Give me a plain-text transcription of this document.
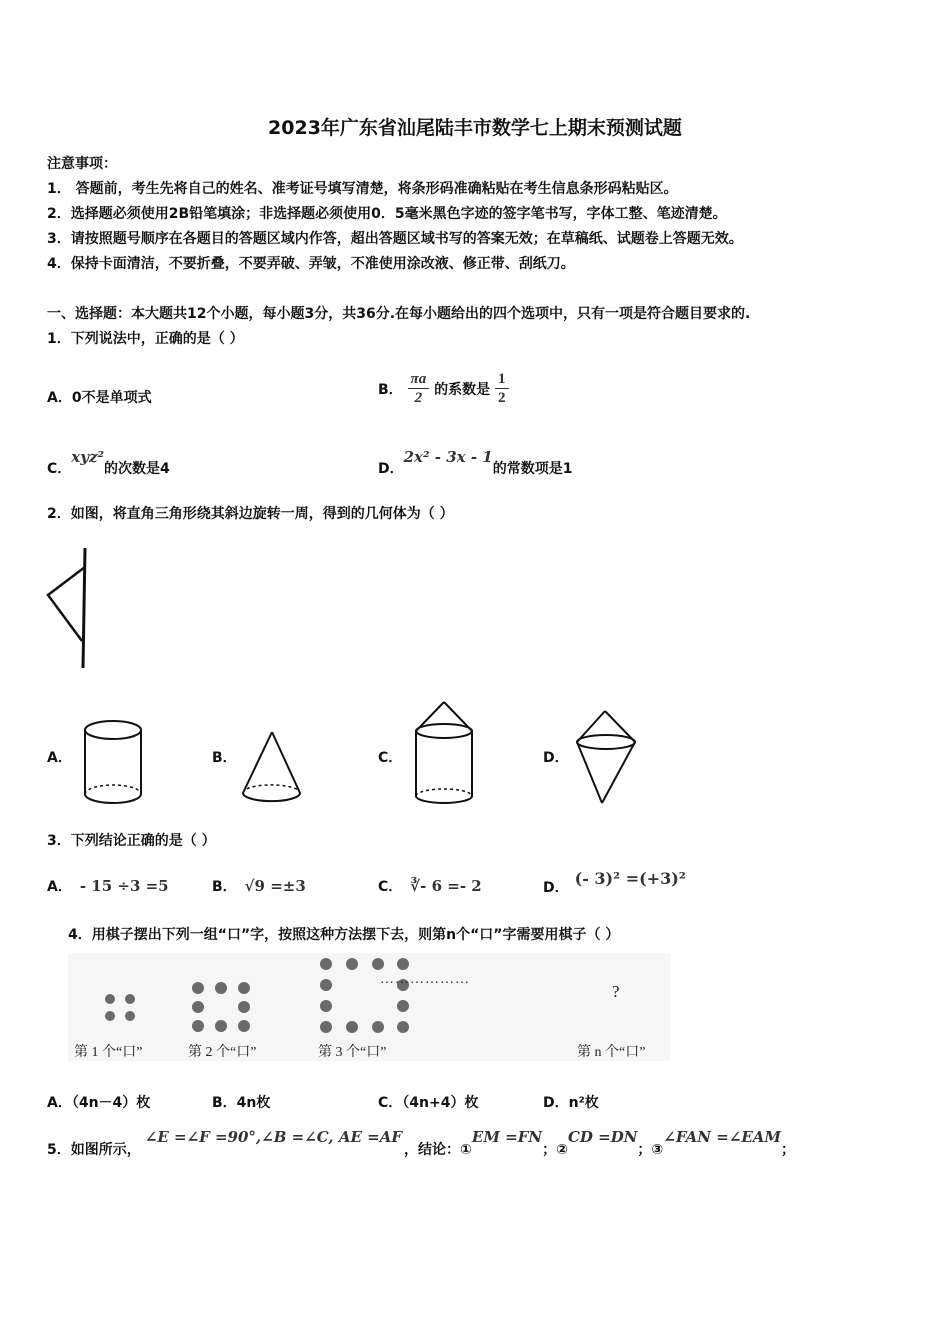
2023年广东省汕尾陆丰市数学七上期末预测试题
注意事项：
1． 答题前，考生先将自己的姓名、准考证号填写清楚，将条形码准确粘贴在考生信息条形码粘贴区。
2．选择题必须使用2B铅笔填涂；非选择题必须使用0．5毫米黑色字迹的签字笔书写，字体工整、笔迹清楚。
3．请按照题号顺序在各题目的答题区域内作答，超出答题区域书写的答案无效；在草稿纸、试题卷上答题无效。
4．保持卡面清洁，不要折叠，不要弄破、弄皱，不准使用涂改液、修正带、刮纸刀。
一、选择题：本大题共12个小题，每小题3分，共36分.在每小题给出的四个选项中，只有一项是符合题目要求的.
1．下列说法中，正确的是（ ）
A．0不是单项式
B． $\frac{\pi a}{2}$ 的系数是 $\frac{1}{2}$
C．xyz²的次数是4	D．2x² - 3x - 1的常数项是1
2．如图，将直角三角形绕其斜边旋转一周，得到的几何体为（ ）
A．	B．	C．	D．
3．下列结论正确的是（ ）
A． - 15 ÷3 =5	B． √9 =±3	C． ∛- 6 =- 2	D． (- 3)² =(+3)²
4．用棋子摆出下列一组“口”字，按照这种方法摆下去，则第n个“口”字需要用棋子（ ）
………………
?
第 1 个“口”	第 2 个“口”	第 3 个“口”	第 n 个“口”
A．（4n－4）枚	B．4n枚	C．（4n+4）枚	D．n²枚
5．如图所示，∠E =∠F =90°,∠B =∠C, AE =AF，结论：①EM =FN；②CD =DN；③∠FAN =∠EAM；
